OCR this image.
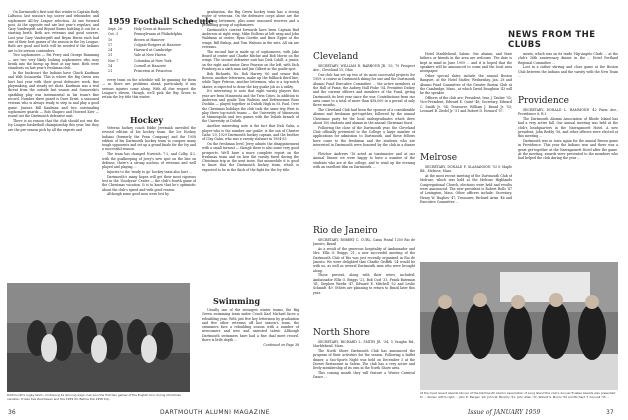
On Dartmouth's first unit this winter is Captain Rudy LaRusso, last season's top scorer and rebounder, and sophomore All-Ivy League selection. At one forward post, At the opposite end are last year's regulars, and Gary Vandergrift and Bryant Burns battling it out for a starting berth. Both are veterans and good scorers. Last year Gary Vandergrift and Bryan Burns each had one of their best games of the season in the Ivy League. Both are good and both will be needed if the Indians are to be serious contenders.

Two sophomores — Pat Ferry and George Ramming — are two very likely looking sophomores who may break into the lineup up front at any time. Both were standouts on last year's freshman club.

In the backcourt the Indians have Chuck Kaufman and Walt Sosnowski. This is where the Big Green was hurt last year with their great defensive work, fine playmaking, and steady set shots. Kaufman was a real threat from the outside last season and Sosnowski's sparkling play was instrumental in his team's fine record. Number three guard is Dave Ernst, a seasoned veteran who is always ready to step in and play a good game. Juniors Bill Kaufman and two outstanding sophomore guards — Bob Shapiro and Howard Kiev — round out the Dartmouth defensive unit.

There is no reason that the club should not win the Ivy League basketball championship this year, but they are the pre-season pick by all the experts and

1959 Football Schedule
Sept. 26	Holy Cross at Hanover
Oct. 3	Pennsylvania at Philadelphia
10	Brown at Hanover
17	Colgate-Rutgers at Hanover
24	Harvard at Cambridge
31	Yale at New Haven
Nov. 7	Columbia at New York
14	Cornell at Hanover
21	Princeton at Princeton

every team on the schedule will be gunning for them — so there are problems ahead, particularly if any serious injuries come along. With all due respect the League's eleven, though, we'll pick the Big Green to retain the Ivy title this winter.

Hockey

Veteran hockey coach Eddie Jeremiah unveiled the revised edition of his hockey team, the Ice Hockey Indians (formerly the Penn Company) and the 1958 edition of his Dartmouth hockey team to conquer many tough opponents and set up a grand finale for the Ivy and a successful season.

The team has changed Norwich, 7-2, and Colby, 4-2, with the goalkeeping of Jerry's new spot on the line on defense, there's a strong nucleus of veterans and well played and playing ...

Injuries to the 'ready to go' hockey team also hurt ...

Dartmouth's many hopes will get their most rigorous test in the 'Goodyear' Center — the club's fourth game of the Christmas vacation. It is to know that he's optimistic about the club's speed and with good reason.

Although some good men were lost by

graduation, the Big Green hockey team has a strong roster of veterans. On the defensive corps alone are the returning lettermen, plus some seasoned reserves and a promising group of sophomores.

Dartmouth's current forwards have been Captain Bud Anderson at right wing, Mike Hollows at left wing and John Waldman at center, Ryan Goettie and Buzz Epper at the wings, Bill Bishop, and Tom Walrons in the nets. All six are veterans.

The second line is made up of sophomores, with Jake Beard at center and Charlie Ritchie and Bob Morse on the wings. The second defensive unit has Dick Cahill, a junior, on the right and senior Dave Pearson on the left, with Dick Feinberg as a sixth man and Jim Gilbert at the goalie spot.

Bob Richards, No. Rob Harvey '60 and senior Bob Bowen, another lettermen, make up the fullback third line, while Tiger Petrous, another lettermen, who is a top-notch skater, is expected to draw the key goalie job as a utility.

It's interesting to note that eight varsity players this year are from Minnesota and the Twin Cities. In addition to Anderson and goalie Tom Walrons and Defensemen Russ Ducklin — played together at Duluth High in St. Paul. Over the Christmas holidays the club took the same trip West to play three top-notch teams — the University of Minnesota at Minneapolis and two games with the Duluth branch of the University at Duluth.

Another interesting note is the fact that Dick Gahn, a player who is the number one goalie, is the son of Chester Gahn '29, 1929 Dartmouth hockey captain, and the brother of Clay Gahn, who was a varsity stalwart in 1954-55.

On the freshman level, Jerry admits the disappointment with a small turnout — though there is also some very good prospects. We'll have a more complete report on the freshman team and on how the varsity fared during the Christmas trip in the next issue. But meanwhile it is good to know that the Dartmouth hockey team, which is expected to be in the thick of the fight for the Ivy title.

Dartmouth's rugby team, continuing its winning ways, has won the first two games of the English tour during Christmas vacation. It also ties Rockhaven and the 1959 XV. Before the 1958 trip,
Swimming

Usually one of the strongest winter teams, the Big Green swimming team under Coach Karl Michael faces a rebuilding year. With just five key lettermen by graduation and five other veterans off last season's team, the swimmers face a rebuilding season with a number of newcomers and new and untested talent. Although Dartmouth swimmers have had a fine dual meet record, there is little depth ...

Continued on Page 38

36	DARTMOUTH ALUMNI MAGAZINE
NEWS FROM THE CLUBS
Cleveland

SECRETARY, WILLIAM R. BARBOUR JR. '33, 79 Prospect Ave., Cleveland 15, Ohio

Our club has set up two of its most successful projects for 1959: a course in Dartmouth skiing for one and the Dartmouth Alumni Fund Executive Committee ... the active members at the Hall of Fame, the Aubrey Hall Fiske '54, President Dickey and the current officers and members of the Fund, giving Dartmouth its best year since the war. Contributions from our area came to a total of more than $58,000 in a period of only three months.

The Cleveland Club had been the sponsor of a considerable Alumni and freshman get-together, followed by the annual Christmas party for the local undergraduates which drew about 100 students and alumni in the annual Christmas feast.

Following the close of the Dartmouth year, the Cleveland Club officially presented to the College a large number of applications for admission to Dartmouth, and these fellows have come to the freshman and the students who are interested in Dartmouth were honored by the club in a dinner ...

Fletcher Andrews '16 acted as toastmaster and at our Annual Dinner we were happy to have a number of the students who are at the college, and to wind up the evening with an excellent film on Dartmouth ...

Rio de Janeiro

SECRETARY, ROBERT C. CURL, Caixa Postal 1350 Rio de Janeiro, Brazil

As a result of the generous hospitality of Ambassador and Mrs. Ellis O. Briggs '21, a new successful meeting of the Dartmouth Club of Rio was just recently organized in Rio de Janeiro. We were delighted that Charlie Griffith '24 would be with us, as well as several Dartmouth men who were brought along.

Those present, along with their wives, included: Ambassador Ellis O. Briggs '21, Bob Curl '33, Frank Bateman '41, Stephen Weeks '47, Edward E. Mitchell '52 and Leslie Schmidt '49. Others are planning to return to Brazil later this year.

North Shore

SECRETARY, RICHARD L. SMITH JR. '54, 5 Vaughn Rd., Marblehead, Mass.

The North Shore Dartmouth Club has announced the program of their activities for the season. Following a buffet dinner, a Sno-Sports Night was held on December 3 at the Dorset Restaurant in Salem. The club has a very active and lively membership of its own in the North Shore area.

This coming month they will feature a Winter Carnival Dance ...

Hotel Marblehead, Salem. Our alumni, and their fathers or friends in the area are welcome. The date is kept in mind in June 1959 ... and it is hoped that the speakers will be announced to come and the local area newspaper.

Other special dates include the annual Boston Banquet, at the Hotel Statler, Wednesday, Jan. 28 and Alumni Fund Committee of the Greater Boston Club at the Cambridge, Mass., at which David Boughton '43 will be the speaker.

Officers of the club are: President, Ivan J. Tauber '55; Vice-President, Edward E. Quint '48; Secretary, Edward C. Smith Jr. '54; Treasurer, William J. Broad Jr. '53; Leonard B. Ziedel Jr. '51 and Robert D. Howard '57.

Melrose

SECRETARY, DONALD F. SLAMANSON '53 6 Maple Rd., Melrose, Mass.

At the most recent meeting of the Dartmouth Club of Melrose, which was held at the Melrose Highlands Congregational Church, elections were held and results were announced. The new president is Robert Rolls '47 of Lexington, Mass. Other officers include: Secretary, Henry W. Hughes '47, Treasurer, Richard Arms '46 and Executive Committee ...

ments, which was on its trade 'Hip-Angelo Clark' ... at the club's 36th anniversary dinner in the ... Hotel Portland Regional Committee ...

Lost in a rather stirring and close game at the Boston Club between the Indians and the varsity with the New Team ...

Providence

SECRETARY, DONALD L. HAMMOND '42 Farm Ave., Providence 6, R.I.

The Dartmouth Alumni Association of Rhode Island has had a very active fall. Our annual meeting was held at the club's headquarters in the Narragansett Hotel. A new president, John Reddy '56, and other officers were elected at this meeting ...

Dartmouth was in town again for the annual Brown game in Providence. This year the Indians won and there was a great get-together at the Narragansett Hotel after the game. At the meeting, awards were presented to the members who had helped the club during the year ...

At the most recent Awards Dinner of the Dartmouth Alumni Association of Long Island the club's Annual Trustee Awards was presented to ... Shown left to right ... John E. Bergen '20, John W. Murphy '51, John Allen '37, Robert S. Morris '52 and Richard T. Connell '35 ...
Issue of JANUARY 1959	37
